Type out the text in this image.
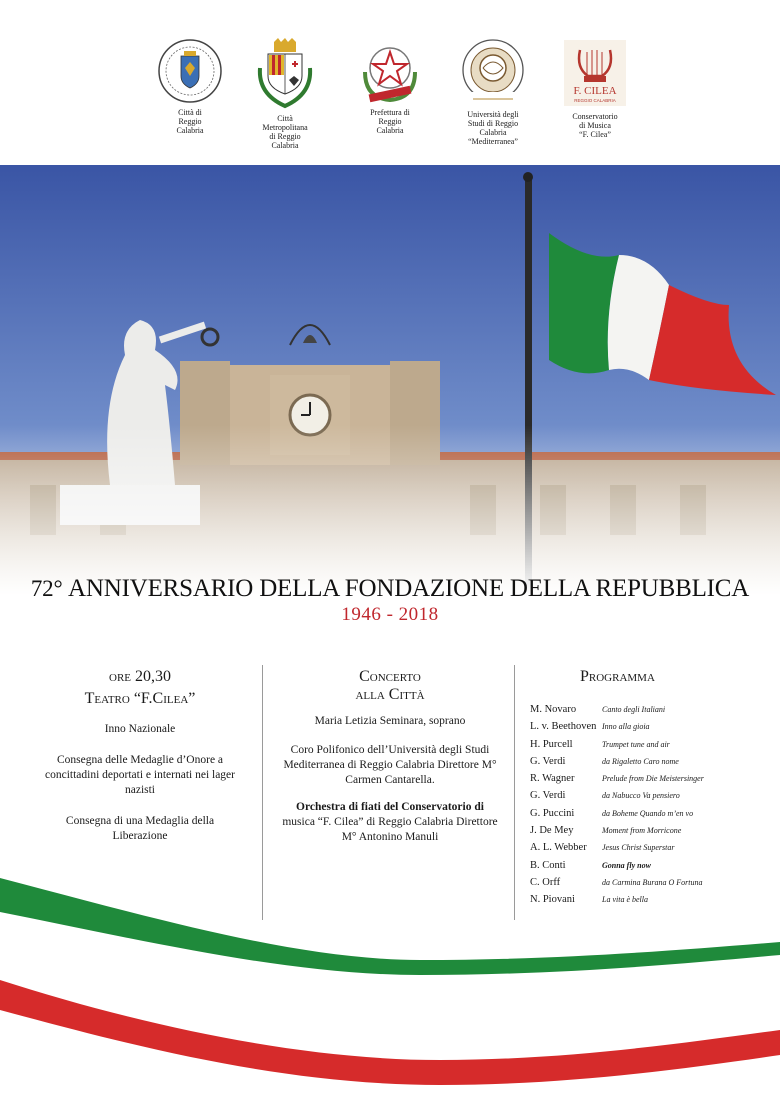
Città di
Reggio
Calabria
Città
Metropolitana
di Reggio
Calabria
Prefettura di
Reggio
Calabria
Università degli
Studi di Reggio
Calabria
“Mediterranea”
F. CILEA
REGGIO CALABRIA
Conservatorio
di Musica
“F. Cilea”
72° ANNIVERSARIO DELLA FONDAZIONE DELLA REPUBBLICA
1946 - 2018
ore 20,30
Teatro “F.Cilea”
Inno Nazionale
Consegna delle Medaglie d’Onore a concittadini deportati e internati nei lager nazisti
Consegna di una Medaglia della Liberazione
Concerto
alla Città
Maria Letizia Seminara, soprano
Coro Polifonico dell’Università degli Studi Mediterranea di Reggio Calabria Direttore M° Carmen Cantarella.
Orchestra di fiati del Conservatorio di
musica “F. Cilea” di Reggio Calabria Direttore M° Antonino Manuli
Programma
M. Novaro	Canto degli Italiani
L. v. Beethoven Inno alla gioia
H. Purcell	Trumpet tune and air
G. Verdi	da Rigaletto Caro nome
R. Wagner	Prelude from Die Meistersinger
G. Verdi	da Nabucco Va pensiero
G. Puccini	da Boheme Quando m’en vo
J. De Mey	Moment from Morricone
A. L. Webber	Jesus Christ Superstar
B. Conti	Gonna fly now
C. Orff	da Carmina Burana O Fortuna
N. Piovani	La vita è bella
